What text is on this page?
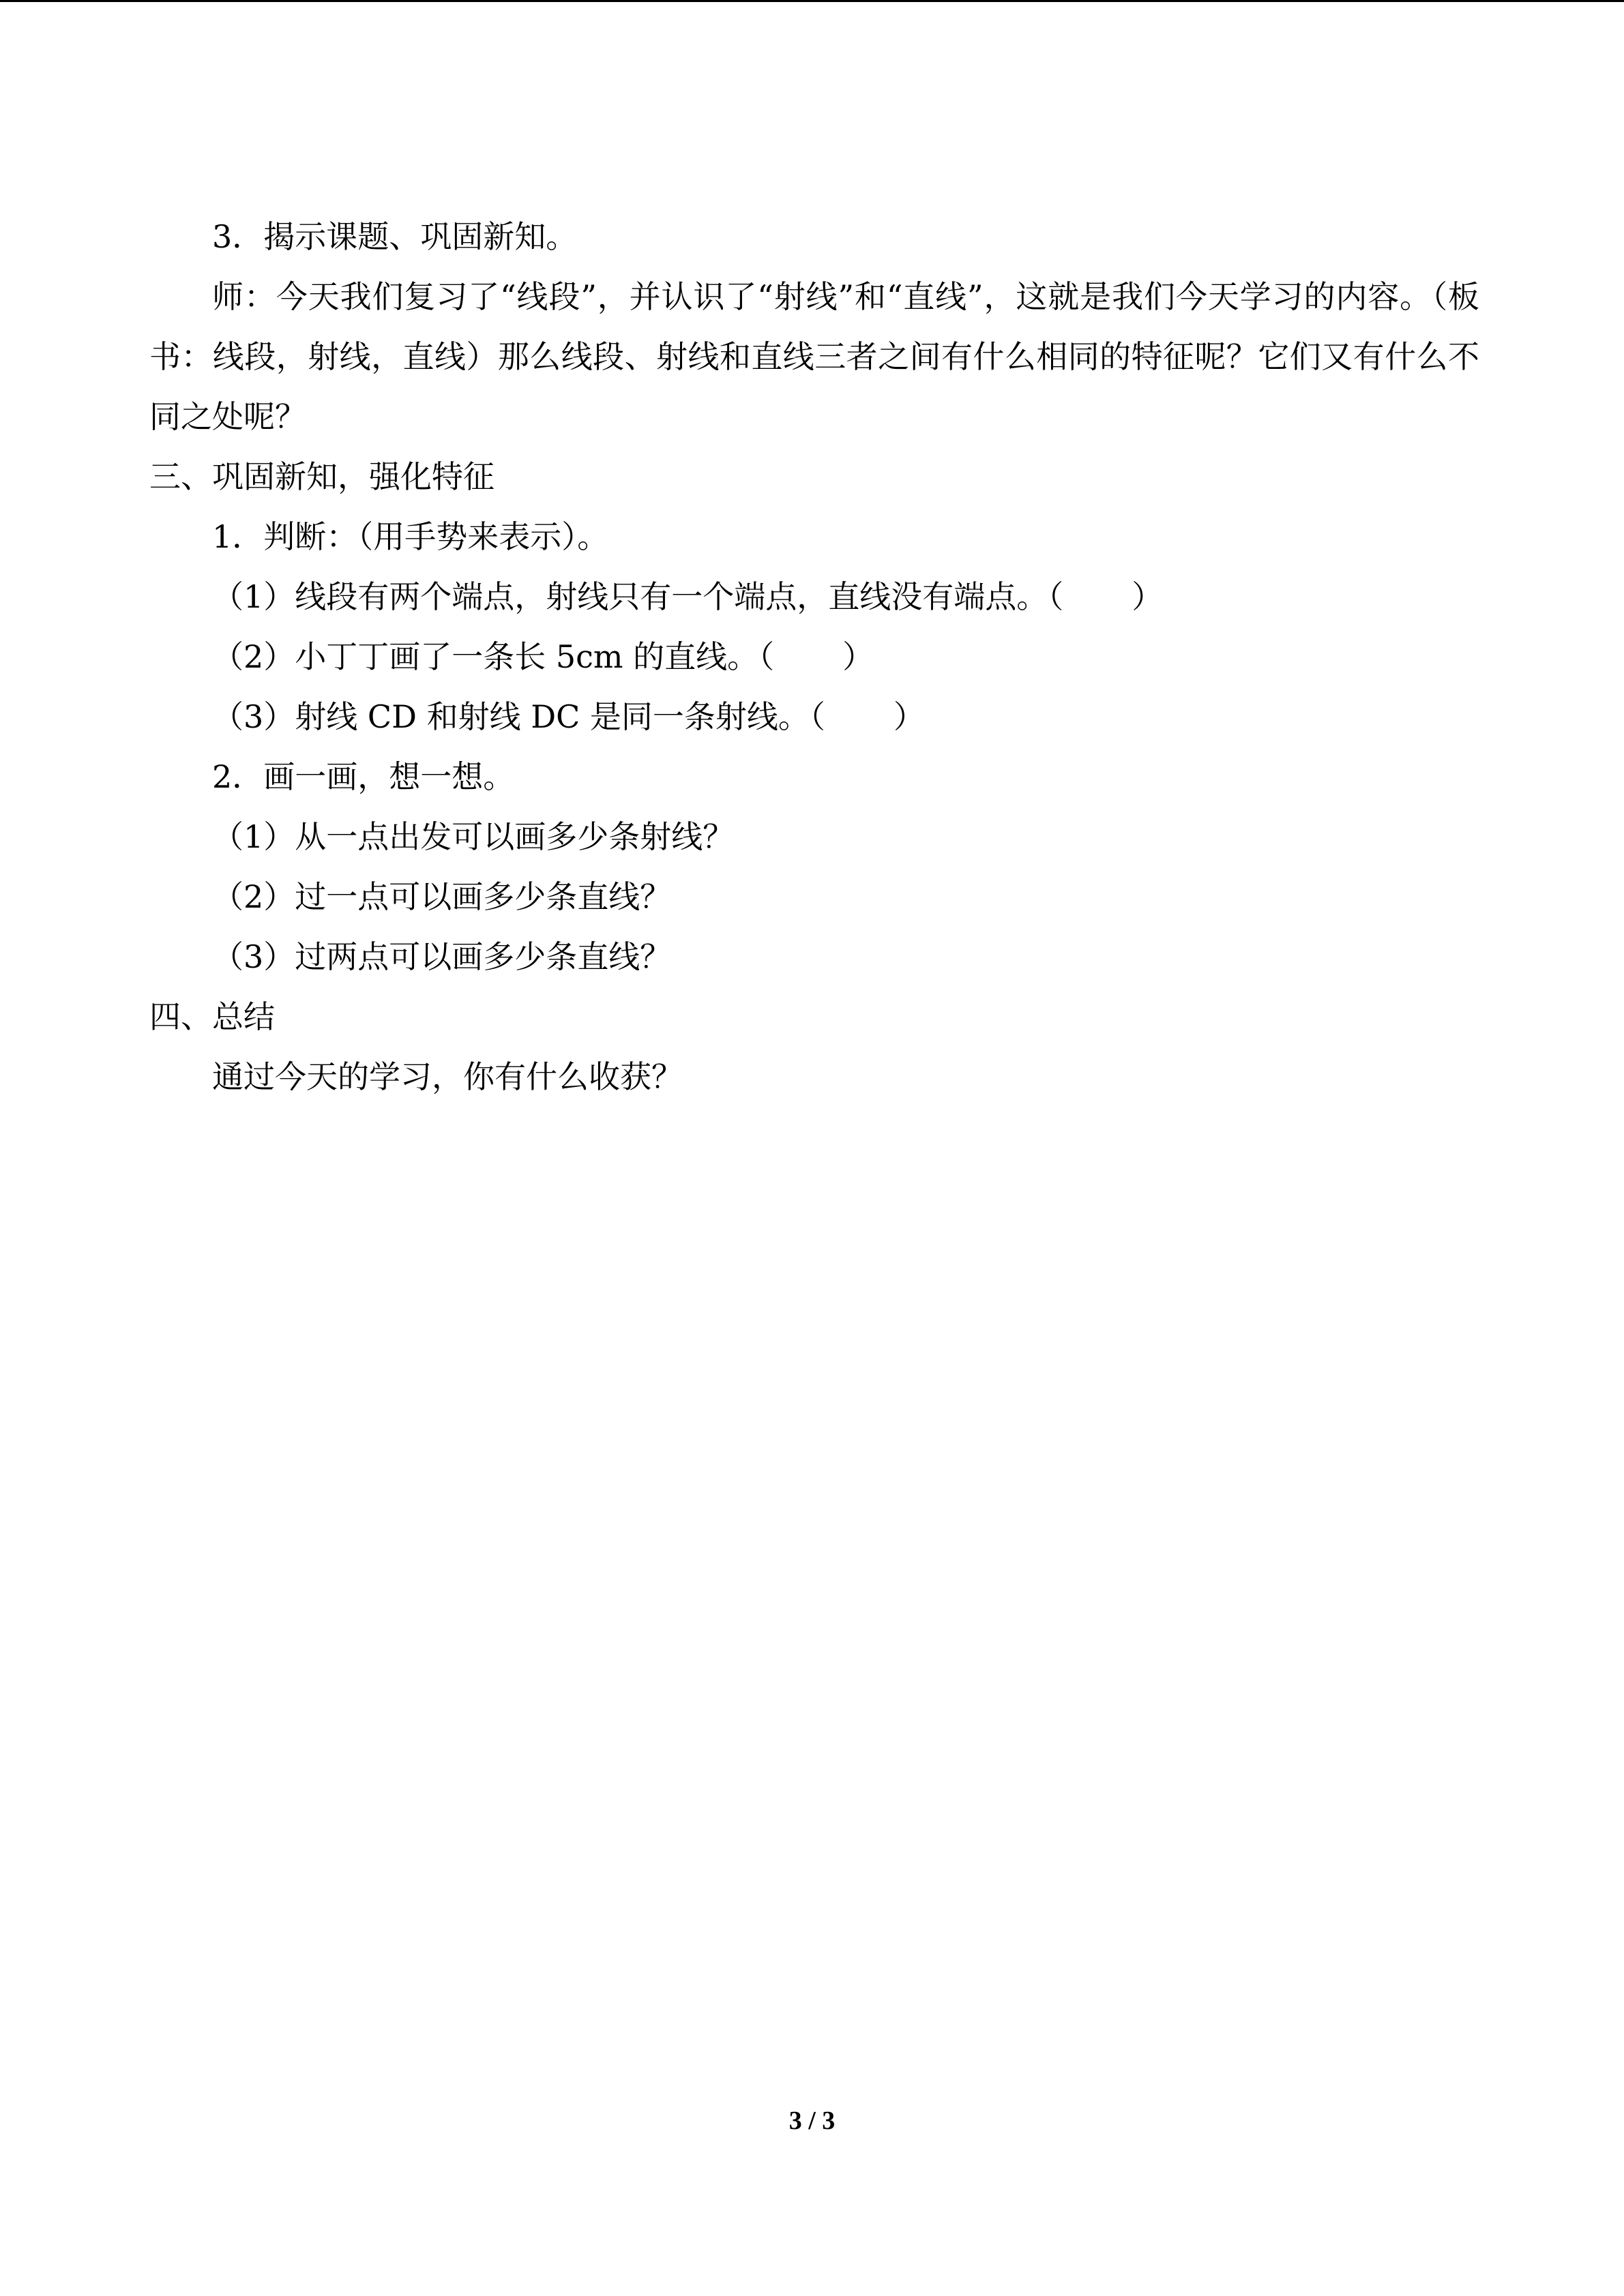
3．揭示课题、巩固新知。

师：今天我们复习了“线段”，并认识了“射线”和“直线”，这就是我们今天学习的内容。（板书：线段，射线，直线）那么线段、射线和直线三者之间有什么相同的特征呢？它们又有什么不同之处呢？

三、巩固新知，强化特征
1．判断：（用手势来表示）。
（1）线段有两个端点，射线只有一个端点，直线没有端点。（ ）
（2）小丁丁画了一条长 5cm 的直线。（ ）
（3）射线 CD 和射线 DC 是同一条射线。（ ）
2．画一画，想一想。
（1）从一点出发可以画多少条射线？
（2）过一点可以画多少条直线？
（3）过两点可以画多少条直线？
四、总结
通过今天的学习，你有什么收获？
3 / 3
